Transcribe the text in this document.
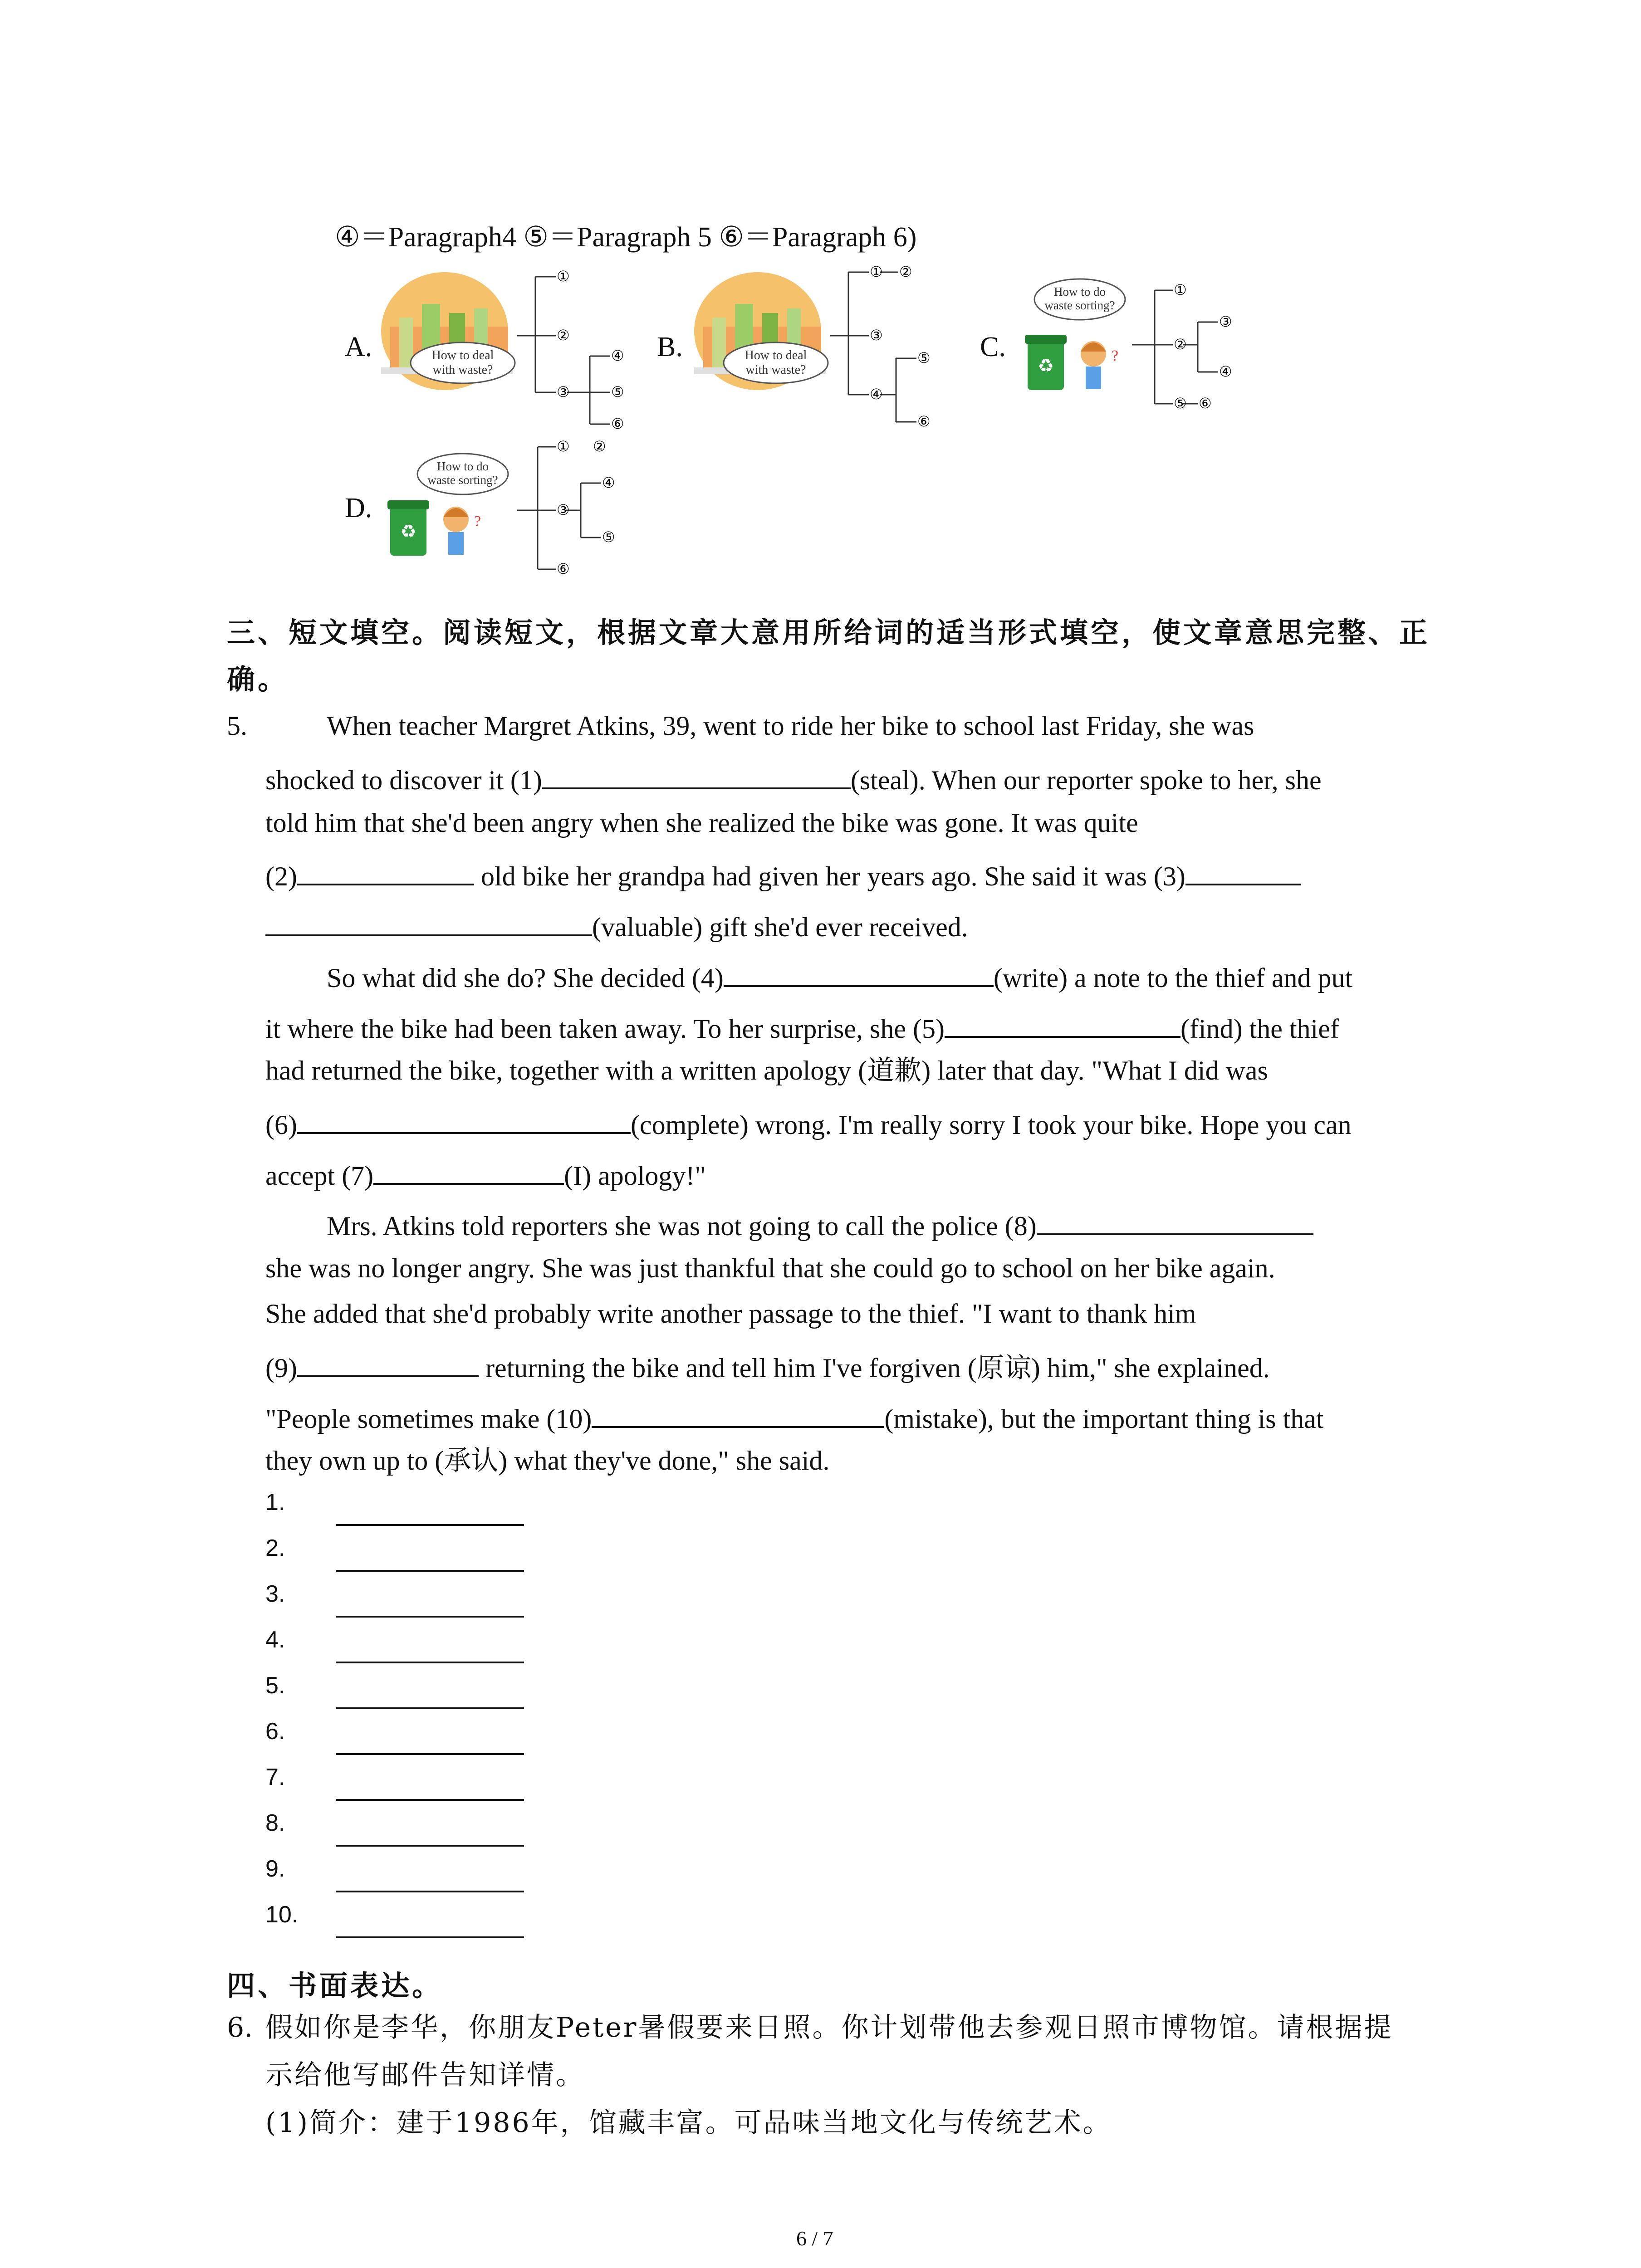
④＝Paragraph4 ⑤＝Paragraph 5 ⑥＝Paragraph 6)
A.	How to deal
with waste?
①
②
③
④
⑤
⑥
B.	How to deal
with waste?
① ②
③
④
⑤
⑥
C.
♻	?
How to do
waste sorting?
①
②
③
④
⑤ ⑥
D.
♻	?
How to do
waste sorting?
① ②
③
④
⑤
⑥
三、短文填空。阅读短文，根据文章大意用所给词的适当形式填空，使文章意思完整、正
确。
5.	When teacher Margret Atkins, 39, went to ride her bike to school last Friday, she was
shocked to discover it (1)	(steal). When our reporter spoke to her, she
told him that she'd been angry when she realized the bike was gone. It was quite
(2)	old bike her grandpa had given her years ago. She said it was (3)
(valuable) gift she'd ever received.
So what did she do? She decided (4)	(write) a note to the thief and put
it where the bike had been taken away. To her surprise, she (5)	(find) the thief
had returned the bike, together with a written apology (道歉) later that day. "What I did was
(6)	(complete) wrong. I'm really sorry I took your bike. Hope you can
accept (7)	(I) apology!"
Mrs. Atkins told reporters she was not going to call the police (8)
she was no longer angry. She was just thankful that she could go to school on her bike again.
She added that she'd probably write another passage to the thief. "I want to thank him
(9)	returning the bike and tell him I've forgiven (原谅) him," she explained.
"People sometimes make (10)	(mistake), but the important thing is that
they own up to (承认) what they've done," she said.
1.
2.
3.
4.
5.
6.
7.
8.
9.
10.
四、书面表达。
6. 假如你是李华，你朋友Peter暑假要来日照。你计划带他去参观日照市博物馆。请根据提
示给他写邮件告知详情。
(1)简介：建于1986年，馆藏丰富。可品味当地文化与传统艺术。
6 / 7
